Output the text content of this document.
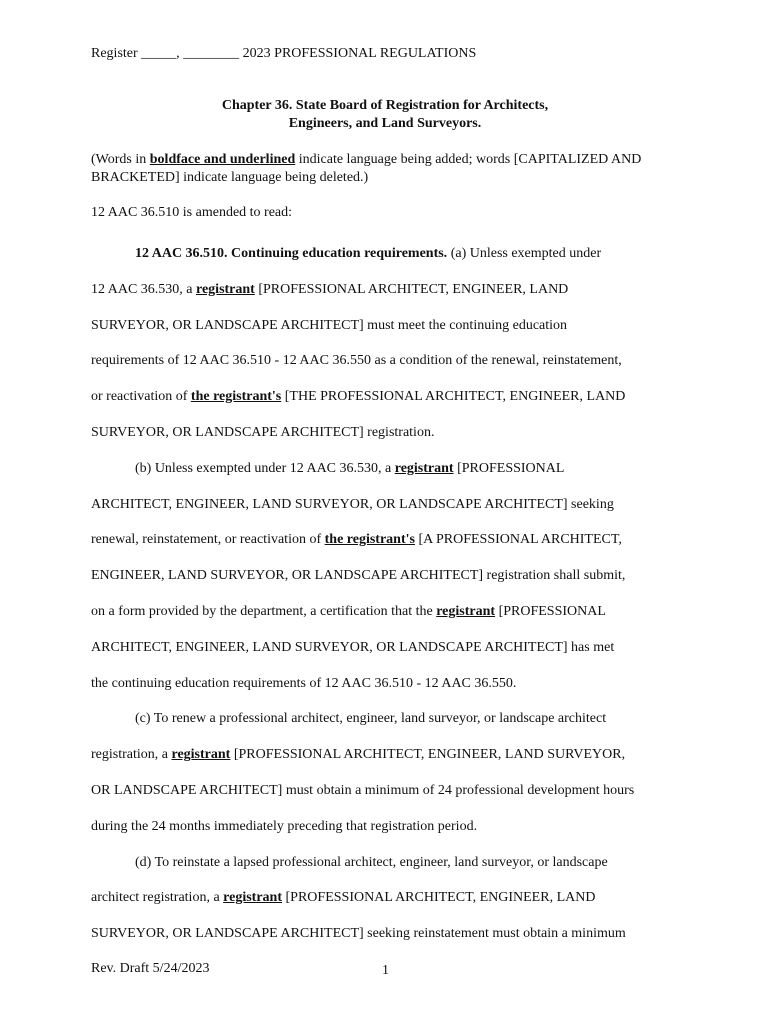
Register _____, ________ 2023 PROFESSIONAL REGULATIONS
Chapter 36. State Board of Registration for Architects,
Engineers, and Land Surveyors.
(Words in boldface and underlined indicate language being added; words [CAPITALIZED AND BRACKETED] indicate language being deleted.)
12 AAC 36.510 is amended to read:
12 AAC 36.510. Continuing education requirements. (a) Unless exempted under
12 AAC 36.530, a registrant [PROFESSIONAL ARCHITECT, ENGINEER, LAND
SURVEYOR, OR LANDSCAPE ARCHITECT] must meet the continuing education
requirements of 12 AAC 36.510 - 12 AAC 36.550 as a condition of the renewal, reinstatement,
or reactivation of the registrant's [THE PROFESSIONAL ARCHITECT, ENGINEER, LAND
SURVEYOR, OR LANDSCAPE ARCHITECT] registration.
(b) Unless exempted under 12 AAC 36.530, a registrant [PROFESSIONAL
ARCHITECT, ENGINEER, LAND SURVEYOR, OR LANDSCAPE ARCHITECT] seeking
renewal, reinstatement, or reactivation of the registrant's [A PROFESSIONAL ARCHITECT,
ENGINEER, LAND SURVEYOR, OR LANDSCAPE ARCHITECT] registration shall submit,
on a form provided by the department, a certification that the registrant [PROFESSIONAL
ARCHITECT, ENGINEER, LAND SURVEYOR, OR LANDSCAPE ARCHITECT] has met
the continuing education requirements of 12 AAC 36.510 - 12 AAC 36.550.
(c) To renew a professional architect, engineer, land surveyor, or landscape architect
registration, a registrant [PROFESSIONAL ARCHITECT, ENGINEER, LAND SURVEYOR,
OR LANDSCAPE ARCHITECT] must obtain a minimum of 24 professional development hours
during the 24 months immediately preceding that registration period.
(d) To reinstate a lapsed professional architect, engineer, land surveyor, or landscape
architect registration, a registrant [PROFESSIONAL ARCHITECT, ENGINEER, LAND
SURVEYOR, OR LANDSCAPE ARCHITECT] seeking reinstatement must obtain a minimum
Rev. Draft 5/24/2023	1
